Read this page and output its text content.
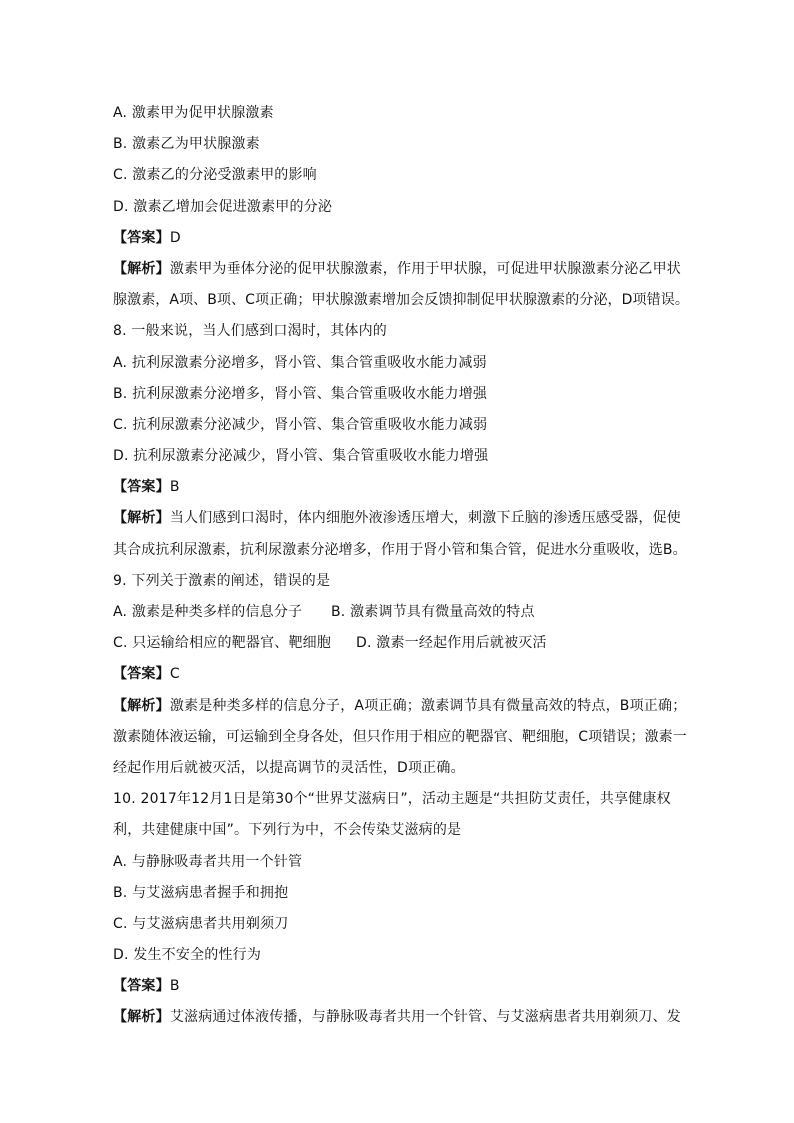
A. 激素甲为促甲状腺激素
B. 激素乙为甲状腺激素
C. 激素乙的分泌受激素甲的影响
D. 激素乙增加会促进激素甲的分泌
【答案】D
【解析】激素甲为垂体分泌的促甲状腺激素，作用于甲状腺，可促进甲状腺激素分泌乙甲状
腺激素，A项、B项、C项正确；甲状腺激素增加会反馈抑制促甲状腺激素的分泌，D项错误。
8. 一般来说，当人们感到口渴时，其体内的
A. 抗利尿激素分泌增多，肾小管、集合管重吸收水能力减弱
B. 抗利尿激素分泌增多，肾小管、集合管重吸收水能力增强
C. 抗利尿激素分泌减少，肾小管、集合管重吸收水能力减弱
D. 抗利尿激素分泌减少，肾小管、集合管重吸收水能力增强
【答案】B
【解析】当人们感到口渴时，体内细胞外液渗透压增大，刺激下丘脑的渗透压感受器，促使
其合成抗利尿激素，抗利尿激素分泌增多，作用于肾小管和集合管，促进水分重吸收，选B。
9. 下列关于激素的阐述，错误的是
A. 激素是种类多样的信息分子	B. 激素调节具有微量高效的特点
C. 只运输给相应的靶器官、靶细胞	D. 激素一经起作用后就被灭活
【答案】C
【解析】激素是种类多样的信息分子，A项正确；激素调节具有微量高效的特点，B项正确；
激素随体液运输，可运输到全身各处，但只作用于相应的靶器官、靶细胞，C项错误；激素一
经起作用后就被灭活，以提高调节的灵活性，D项正确。
10. 2017年12月1日是第30个“世界艾滋病日”，活动主题是“共担防艾责任，共享健康权
利，共建健康中国”。下列行为中，不会传染艾滋病的是
A. 与静脉吸毒者共用一个针管
B. 与艾滋病患者握手和拥抱
C. 与艾滋病患者共用剃须刀
D. 发生不安全的性行为
【答案】B
【解析】艾滋病通过体液传播，与静脉吸毒者共用一个针管、与艾滋病患者共用剃须刀、发
